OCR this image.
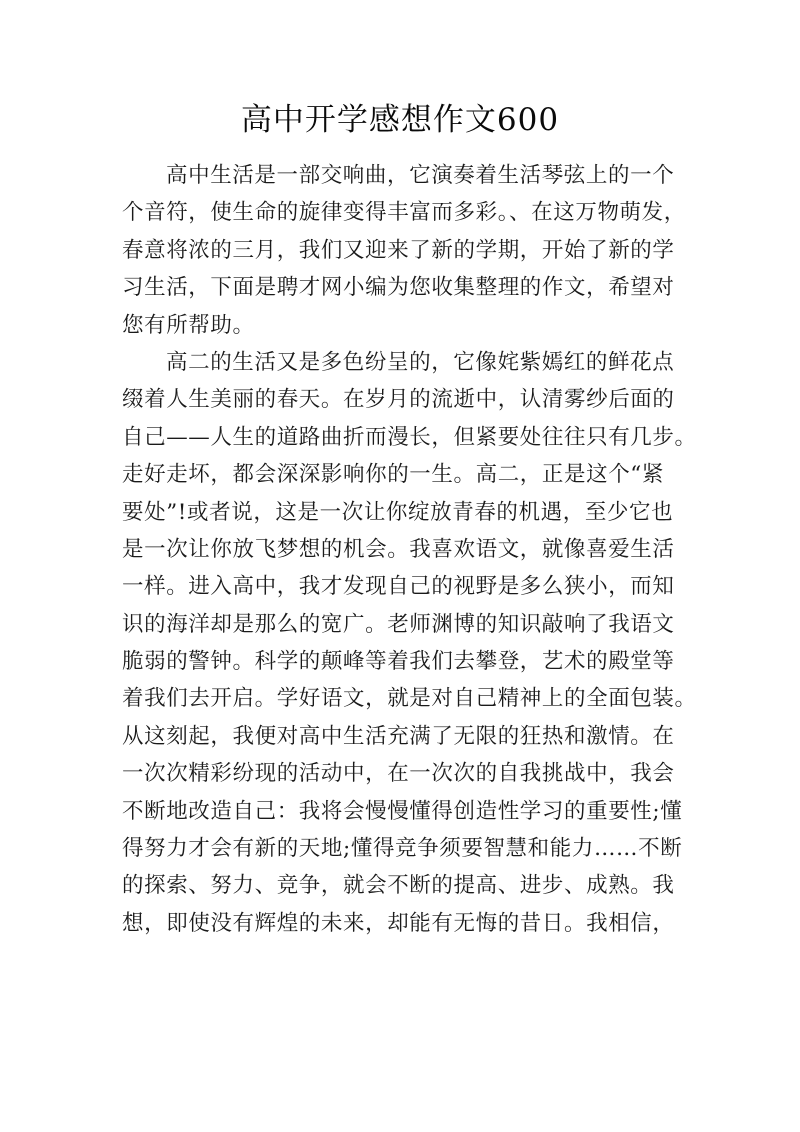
高中开学感想作文600
高中生活是一部交响曲，它演奏着生活琴弦上的一个
个音符，使生命的旋律变得丰富而多彩。、在这万物萌发，
春意将浓的三月，我们又迎来了新的学期，开始了新的学
习生活，下面是聘才网小编为您收集整理的作文，希望对
您有所帮助。
高二的生活又是多色纷呈的，它像姹紫嫣红的鲜花点
缀着人生美丽的春天。在岁月的流逝中，认清雾纱后面的
自己——人生的道路曲折而漫长，但紧要处往往只有几步。
走好走坏，都会深深影响你的一生。高二，正是这个“紧
要处”!或者说，这是一次让你绽放青春的机遇，至少它也
是一次让你放飞梦想的机会。我喜欢语文，就像喜爱生活
一样。进入高中，我才发现自己的视野是多么狭小，而知
识的海洋却是那么的宽广。老师渊博的知识敲响了我语文
脆弱的警钟。科学的颠峰等着我们去攀登，艺术的殿堂等
着我们去开启。学好语文，就是对自己精神上的全面包装。
从这刻起，我便对高中生活充满了无限的狂热和激情。在
一次次精彩纷现的活动中，在一次次的自我挑战中，我会
不断地改造自己：我将会慢慢懂得创造性学习的重要性;懂
得努力才会有新的天地;懂得竞争须要智慧和能力……不断
的探索、努力、竞争，就会不断的提高、进步、成熟。我
想，即使没有辉煌的未来，却能有无悔的昔日。我相信，
